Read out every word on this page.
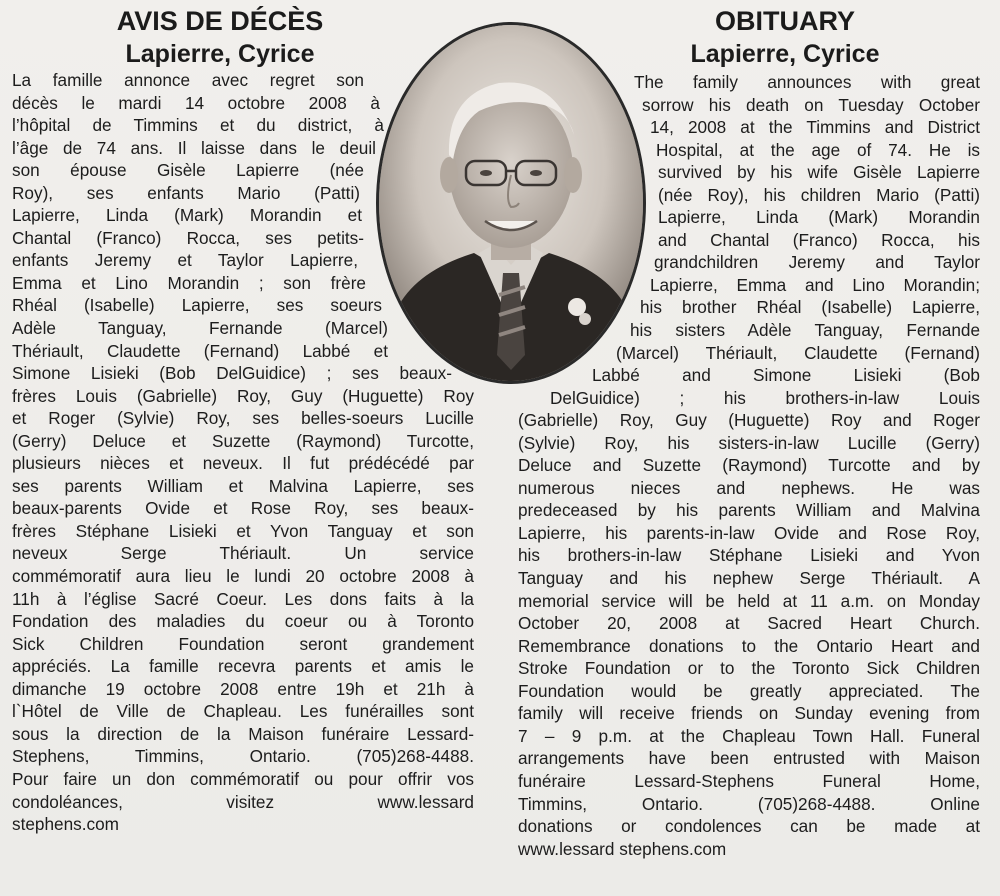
AVIS DE DÉCÈS
Lapierre, Cyrice
OBITUARY
Lapierre, Cyrice
La famille annonce avec regret son
décès le mardi 14 octobre 2008 à
l’hôpital de Timmins et du district, à
l’âge de 74 ans. Il laisse dans le deuil
son épouse Gisèle Lapierre (née
Roy), ses enfants Mario (Patti)
Lapierre, Linda (Mark) Morandin et
Chantal (Franco) Rocca, ses petits-
enfants Jeremy et Taylor Lapierre,
Emma et Lino Morandin ; son frère
Rhéal (Isabelle) Lapierre, ses soeurs
Adèle Tanguay, Fernande (Marcel)
Thériault, Claudette (Fernand) Labbé et
Simone Lisieki (Bob DelGuidice) ; ses beaux-
frères Louis (Gabrielle) Roy, Guy (Huguette) Roy
et Roger (Sylvie) Roy, ses belles-soeurs Lucille
(Gerry) Deluce et Suzette (Raymond) Turcotte,
plusieurs nièces et neveux. Il fut prédécédé par
ses parents William et Malvina Lapierre, ses
beaux-parents Ovide et Rose Roy, ses beaux-
frères Stéphane Lisieki et Yvon Tanguay et son
neveux Serge Thériault. Un service
commémoratif aura lieu le lundi 20 octobre 2008 à
11h à l’église Sacré Coeur. Les dons faits à la
Fondation des maladies du coeur ou à Toronto
Sick Children Foundation seront grandement
appréciés. La famille recevra parents et amis le
dimanche 19 octobre 2008 entre 19h et 21h à
l`Hôtel de Ville de Chapleau. Les funérailles sont
sous la direction de la Maison funéraire Lessard-
Stephens, Timmins, Ontario. (705)268-4488.
Pour faire un don commémoratif ou pour offrir vos
condoléances, visitez www.lessard
stephens.com
The family announces with great
sorrow his death on Tuesday October
14, 2008 at the Timmins and District
Hospital, at the age of 74. He is
survived by his wife Gisèle Lapierre
(née Roy), his children Mario (Patti)
Lapierre, Linda (Mark) Morandin
and Chantal (Franco) Rocca, his
grandchildren Jeremy and Taylor
Lapierre, Emma and Lino Morandin;
his brother Rhéal (Isabelle) Lapierre,
his sisters Adèle Tanguay, Fernande
(Marcel) Thériault, Claudette (Fernand)
Labbé and Simone Lisieki (Bob
DelGuidice) ; his brothers-in-law Louis
(Gabrielle) Roy, Guy (Huguette) Roy and Roger
(Sylvie) Roy, his sisters-in-law Lucille (Gerry)
Deluce and Suzette (Raymond) Turcotte and by
numerous nieces and nephews. He was
predeceased by his parents William and Malvina
Lapierre, his parents-in-law Ovide and Rose Roy,
his brothers-in-law Stéphane Lisieki and Yvon
Tanguay and his nephew Serge Thériault. A
memorial service will be held at 11 a.m. on Monday
October 20, 2008 at Sacred Heart Church.
Remembrance donations to the Ontario Heart and
Stroke Foundation or to the Toronto Sick Children
Foundation would be greatly appreciated. The
family will receive friends on Sunday evening from
7 – 9 p.m. at the Chapleau Town Hall. Funeral
arrangements have been entrusted with Maison
funéraire Lessard-Stephens Funeral Home,
Timmins, Ontario. (705)268-4488. Online
donations or condolences can be made at
www.lessard stephens.com
